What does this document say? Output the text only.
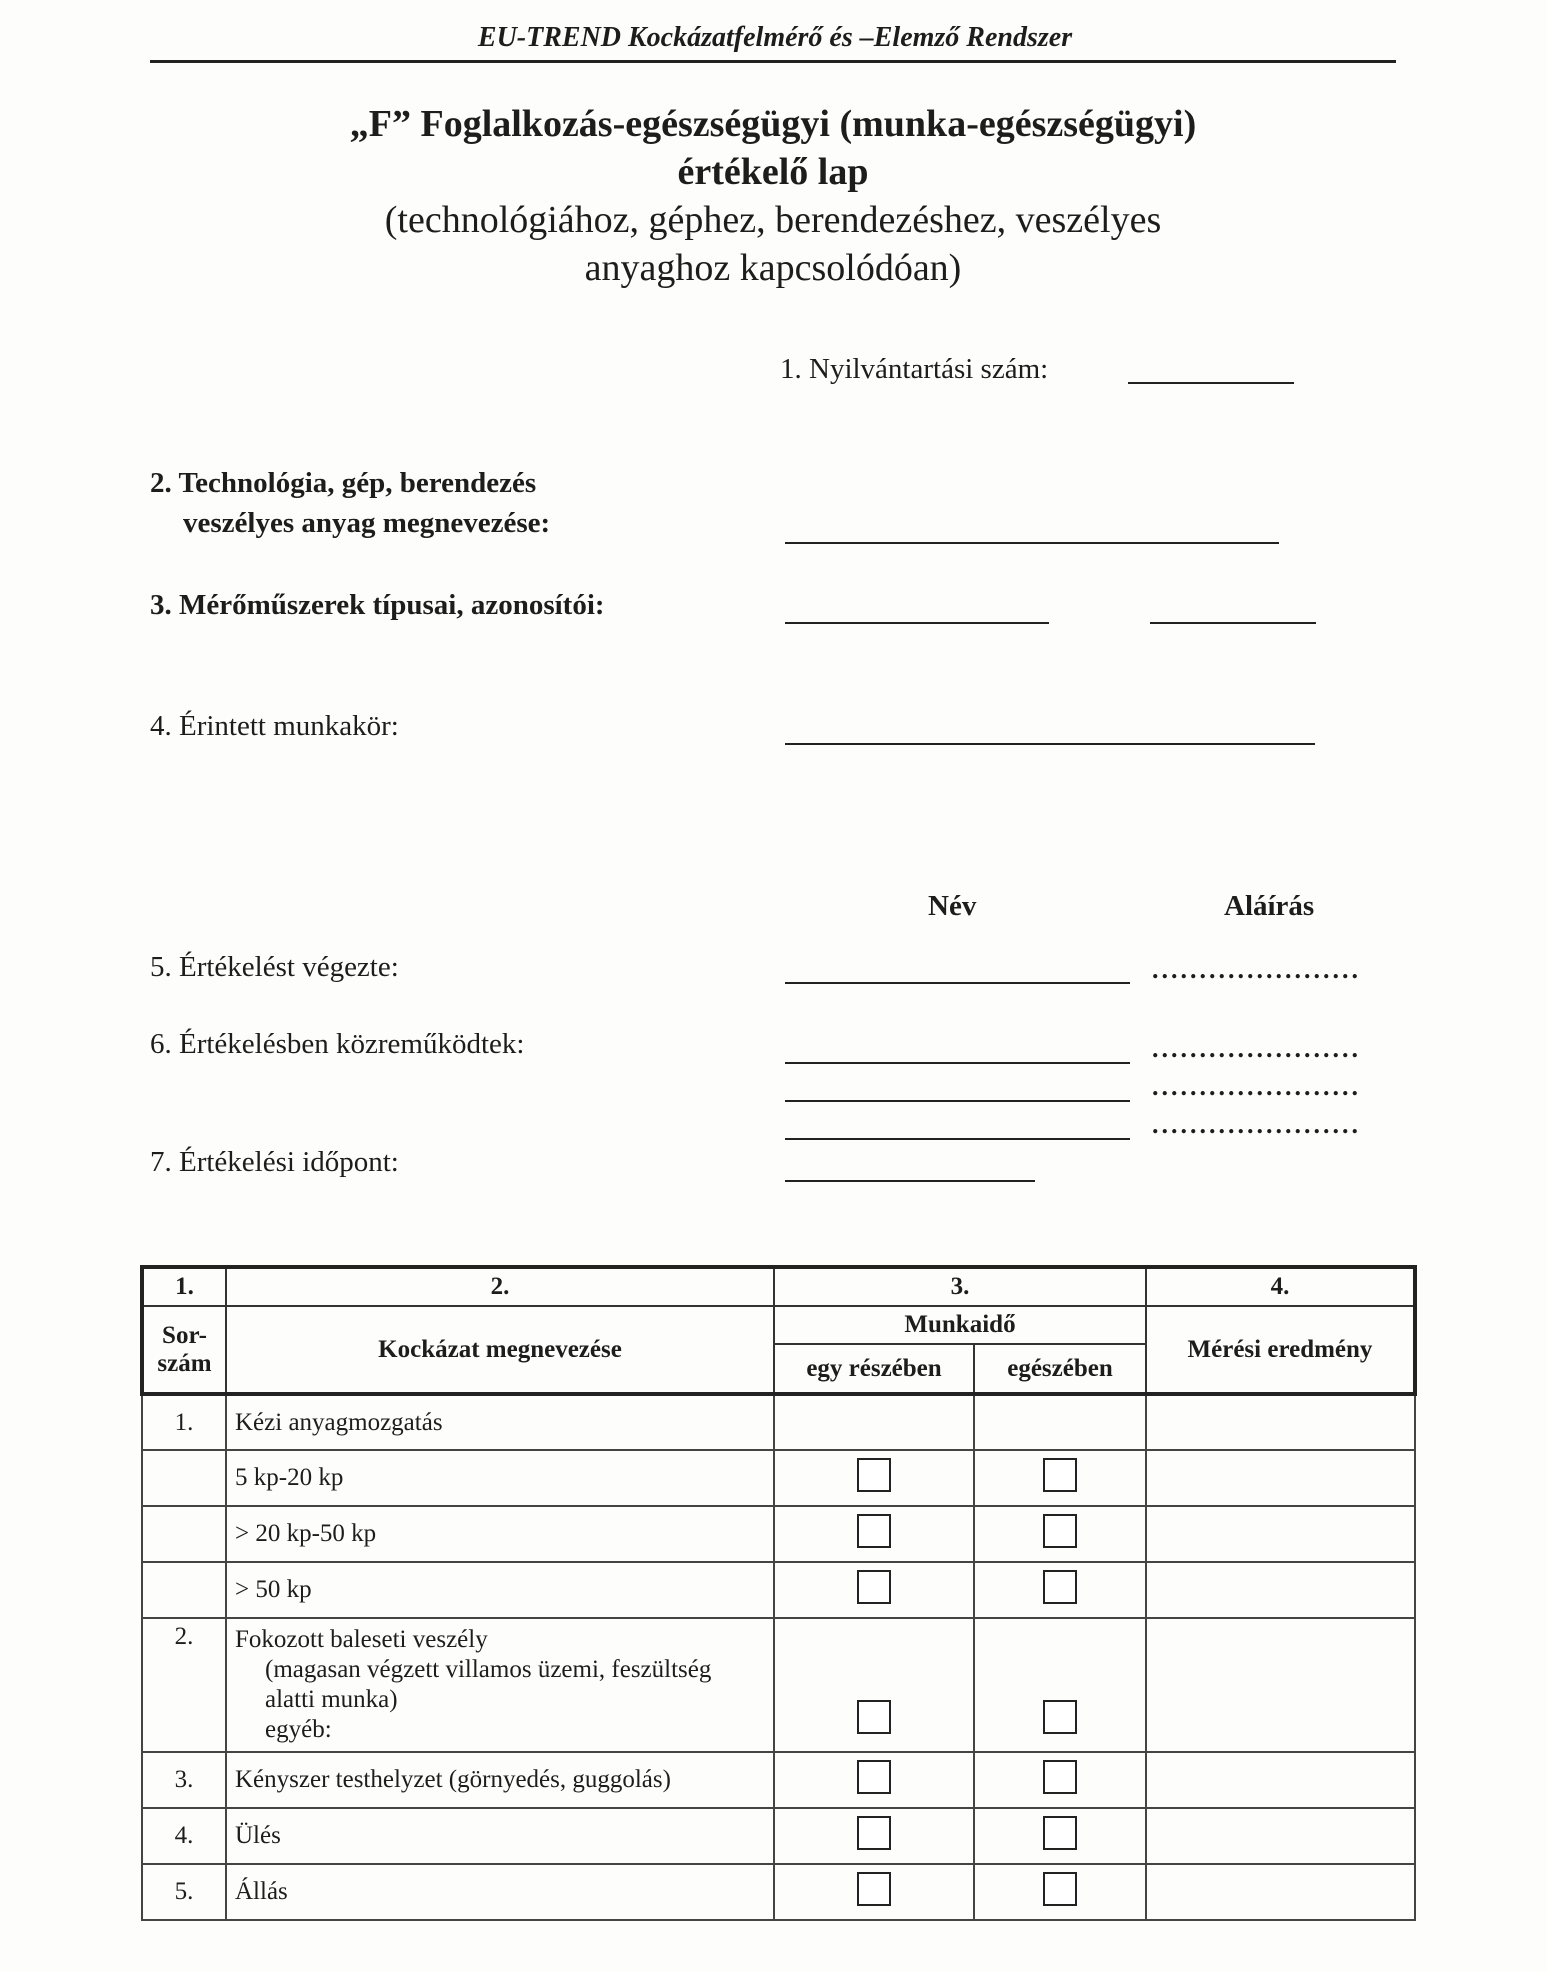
EU-TREND Kockázatfelmérő és –Elemző Rendszer
„F” Foglalkozás-egészségügyi (munka-egészségügyi)
értékelő lap
(technológiához, géphez, berendezéshez, veszélyes
anyaghoz kapcsolódóan)
1. Nyilvántartási szám:
2. Technológia, gép, berendezés
veszélyes anyag megnevezése:
3. Mérőműszerek típusai, azonosítói:
4. Érintett munkakör:
Név	Aláírás
5. Értékelést végezte:	......................
6. Értékelésben közreműködtek:	......................
......................
......................
7. Értékelési időpont:
1.	2.	3.		4.
Sor-szám	Kockázat megnevezése	Munkaidő		Mérési eredmény
		egy részében	egészében	
1.	Kézi anyagmozgatás			
	5 kp-20 kp			
	> 20 kp-50 kp			
	> 50 kp			
2.	Fokozott baleseti veszély
(magasan végzett villamos üzemi, feszültség
alatti munka)
egyéb:			

3.	Kényszer testhelyzet (görnyedés, guggolás)			
4.	Ülés			
5.	Állás			
